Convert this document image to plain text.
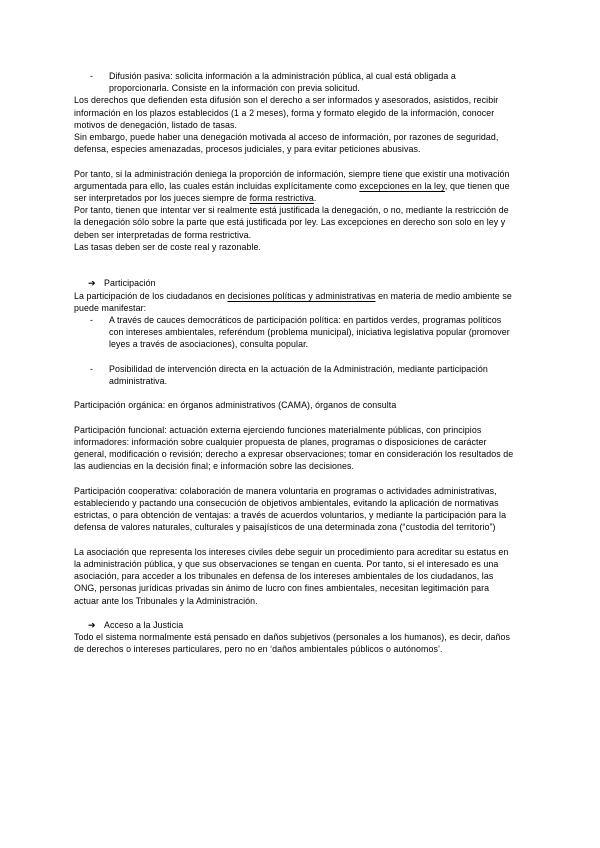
-	Difusión pasiva: solicita información a la administración pública, al cual está obligada a proporcionarla. Consiste en la información con previa solicitud.

Los derechos que defienden esta difusión son el derecho a ser informados y asesorados, asistidos, recibir información en los plazos establecidos (1 a 2 meses), forma y formato elegido de la información, conocer motivos de denegación, listado de tasas.

Sin embargo, puede haber una denegación motivada al acceso de información, por razones de seguridad, defensa, especies amenazadas, procesos judiciales, y para evitar peticiones abusivas.

Por tanto, si la administración deniega la proporción de información, siempre tiene que existir una motivación argumentada para ello, las cuales están incluidas explícitamente como excepciones en la ley, que tienen que ser interpretados por los jueces siempre de forma restrictiva.

Por tanto, tienen que intentar ver si realmente está justificada la denegación, o no, mediante la restricción de la denegación sólo sobre la parte que está justificada por ley. Las excepciones en derecho son solo en ley y deben ser interpretadas de forma restrictiva.

Las tasas deben ser de coste real y razonable.

➔ Participación

La participación de los ciudadanos en decisiones políticas y administrativas en materia de medio ambiente se puede manifestar:

-	A través de cauces democráticos de participación política: en partidos verdes, programas políticos con intereses ambientales, referéndum (problema municipal), iniciativa legislativa popular (promover leyes a través de asociaciones), consulta popular.
-	Posibilidad de intervención directa en la actuación de la Administración, mediante participación administrativa.

Participación orgánica: en órganos administrativos (CAMA), órganos de consulta

Participación funcional: actuación externa ejerciendo funciones materialmente públicas, con principios informadores: información sobre cualquier propuesta de planes, programas o disposiciones de carácter general, modificación o revisión; derecho a expresar observaciones; tomar en consideración los resultados de las audiencias en la decisión final; e información sobre las decisiones.

Participación cooperativa: colaboración de manera voluntaria en programas o actividades administrativas, estableciendo y pactando una consecución de objetivos ambientales, evitando la aplicación de normativas estrictas, o para obtención de ventajas: a través de acuerdos voluntarios, y mediante la participación para la defensa de valores naturales, culturales y paisajísticos de una determinada zona (“custodia del territorio”)

La asociación que representa los intereses civiles debe seguir un procedimiento para acreditar su estatus en la administración pública, y que sus observaciones se tengan en cuenta. Por tanto, si el interesado es una asociación, para acceder a los tribunales en defensa de los intereses ambientales de los ciudadanos, las ONG, personas jurídicas privadas sin ánimo de lucro con fines ambientales, necesitan legitimación para actuar ante los Tribunales y la Administración.

➔ Acceso a la Justicia

Todo el sistema normalmente está pensado en daños subjetivos (personales a los humanos), es decir, daños de derechos o intereses particulares, pero no en ‘daños ambientales públicos o autónomos’.
